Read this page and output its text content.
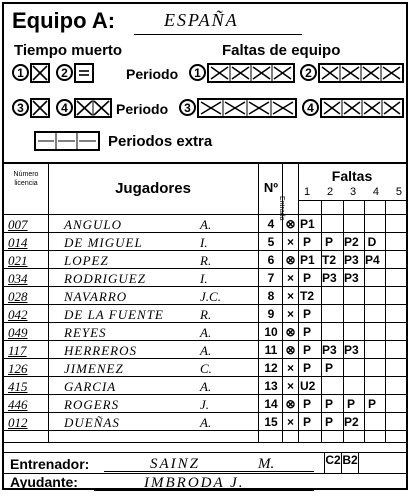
Equipo A:	ESPAÑA
Tiempo muerto	Faltas de equipo
1	2	Periodo	1	2
3	4	Periodo	3	4
Periodos extra
Número licencia	Jugadores	Nº
Entrada
Faltas
1 2 3 4 5
007	ANGULO	A.	4 ⊗ P1
014	DE MIGUEL	I.	5	× P P P2 D
021	LOPEZ	R.	6 ⊗ P1 T2 P3 P4
034	RODRIGUEZ	I.	7	× P P3 P3
028	NAVARRO	J.C.	8	× T2
042	DE LA FUENTE	R.	9	× P
049	REYES	A.	10 ⊗ P
117	HERREROS	A.	11 ⊗ P P3 P3
126	JIMENEZ	C.	12 × P P
415	GARCIA	A.	13 × U2
446	ROGERS	J.	14 ⊗ P P P P
012	DUEÑAS	A.	15 × P P P2
Entrenador:	SAINZ	M.	C2 B2
Ayudante:	IMBRODA J.
